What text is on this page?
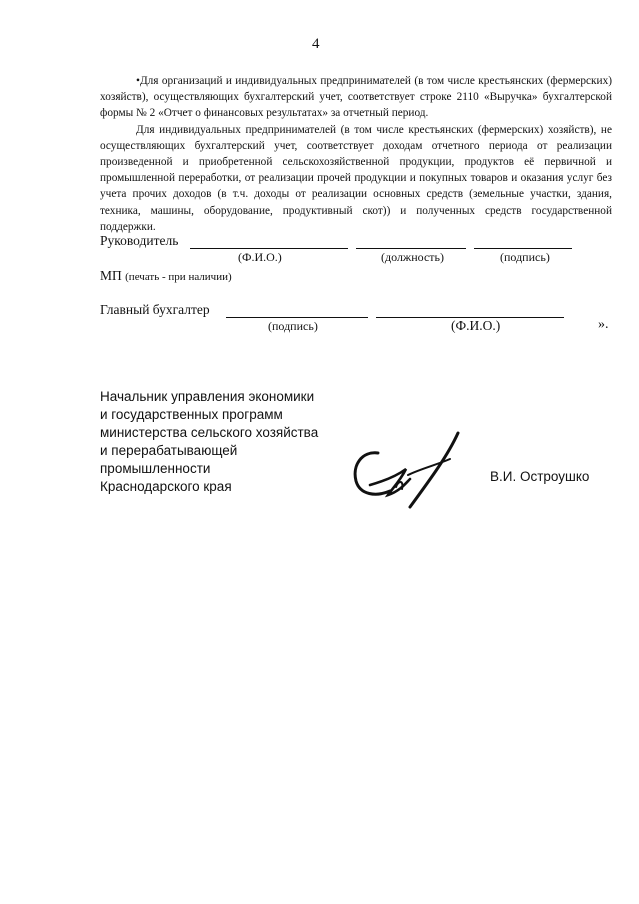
4

•Для организаций и индивидуальных предпринимателей (в том числе крестьянских (фермерских) хозяйств), осуществляющих бухгалтерский учет, соответствует строке 2110 «Выручка» бухгалтерской формы № 2 «Отчет о финансовых результатах» за отчетный период.

Для индивидуальных предпринимателей (в том числе крестьянских (фермерских) хозяйств), не осуществляющих бухгалтерский учет, соответствует доходам отчетного периода от реализации произведенной и приобретенной сельскохозяйственной продукции, продуктов её первичной и промышленной переработки, от реализации прочей продукции и покупных товаров и оказания услуг без учета прочих доходов (в т.ч. доходы от реализации основных средств (земельные участки, здания, техника, машины, оборудование, продуктивный скот)) и полученных средств государственной поддержки.

Руководитель
(Ф.И.О.)	(должность)	(подпись)
МП (печать - при наличии)
Главный бухгалтер
(подпись)	(Ф.И.О.)	».
Начальник управления экономики
и государственных программ
министерства сельского хозяйства
и перерабатывающей
промышленности
Краснодарского края
В.И. Остроушко
